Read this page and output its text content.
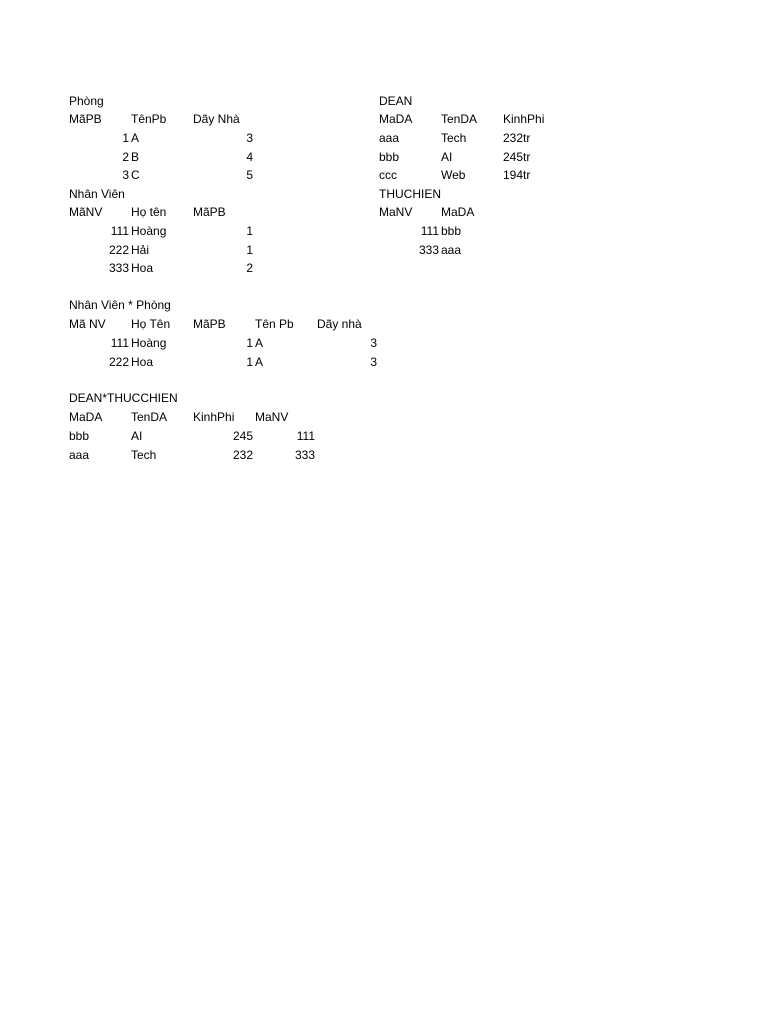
Phòng
MãPB TênPb Dãy Nhà
1 A	3
2 B	4
3 C	5
DEAN
MaDA TenDA KinhPhi
aaa	Tech	232tr
bbb	AI	245tr
ccc	Web	194tr
Nhân Viên
MãNV Họ tên MãPB
111 Hoàng	1
222 Hải	1
333 Hoa	2
THUCHIEN
MaNV MaDA
111 bbb
333 aaa
Nhân Viên * Phòng
Mã NV Họ Tên MãPB Tên Pb Dãy nhà
111 Hoàng	1 A	3
222 Hoa	1 A	3
DEAN*THUCCHIEN
MaDA TenDA KinhPhi MaNV
bbb	AI	245	111
aaa	Tech	232	333
